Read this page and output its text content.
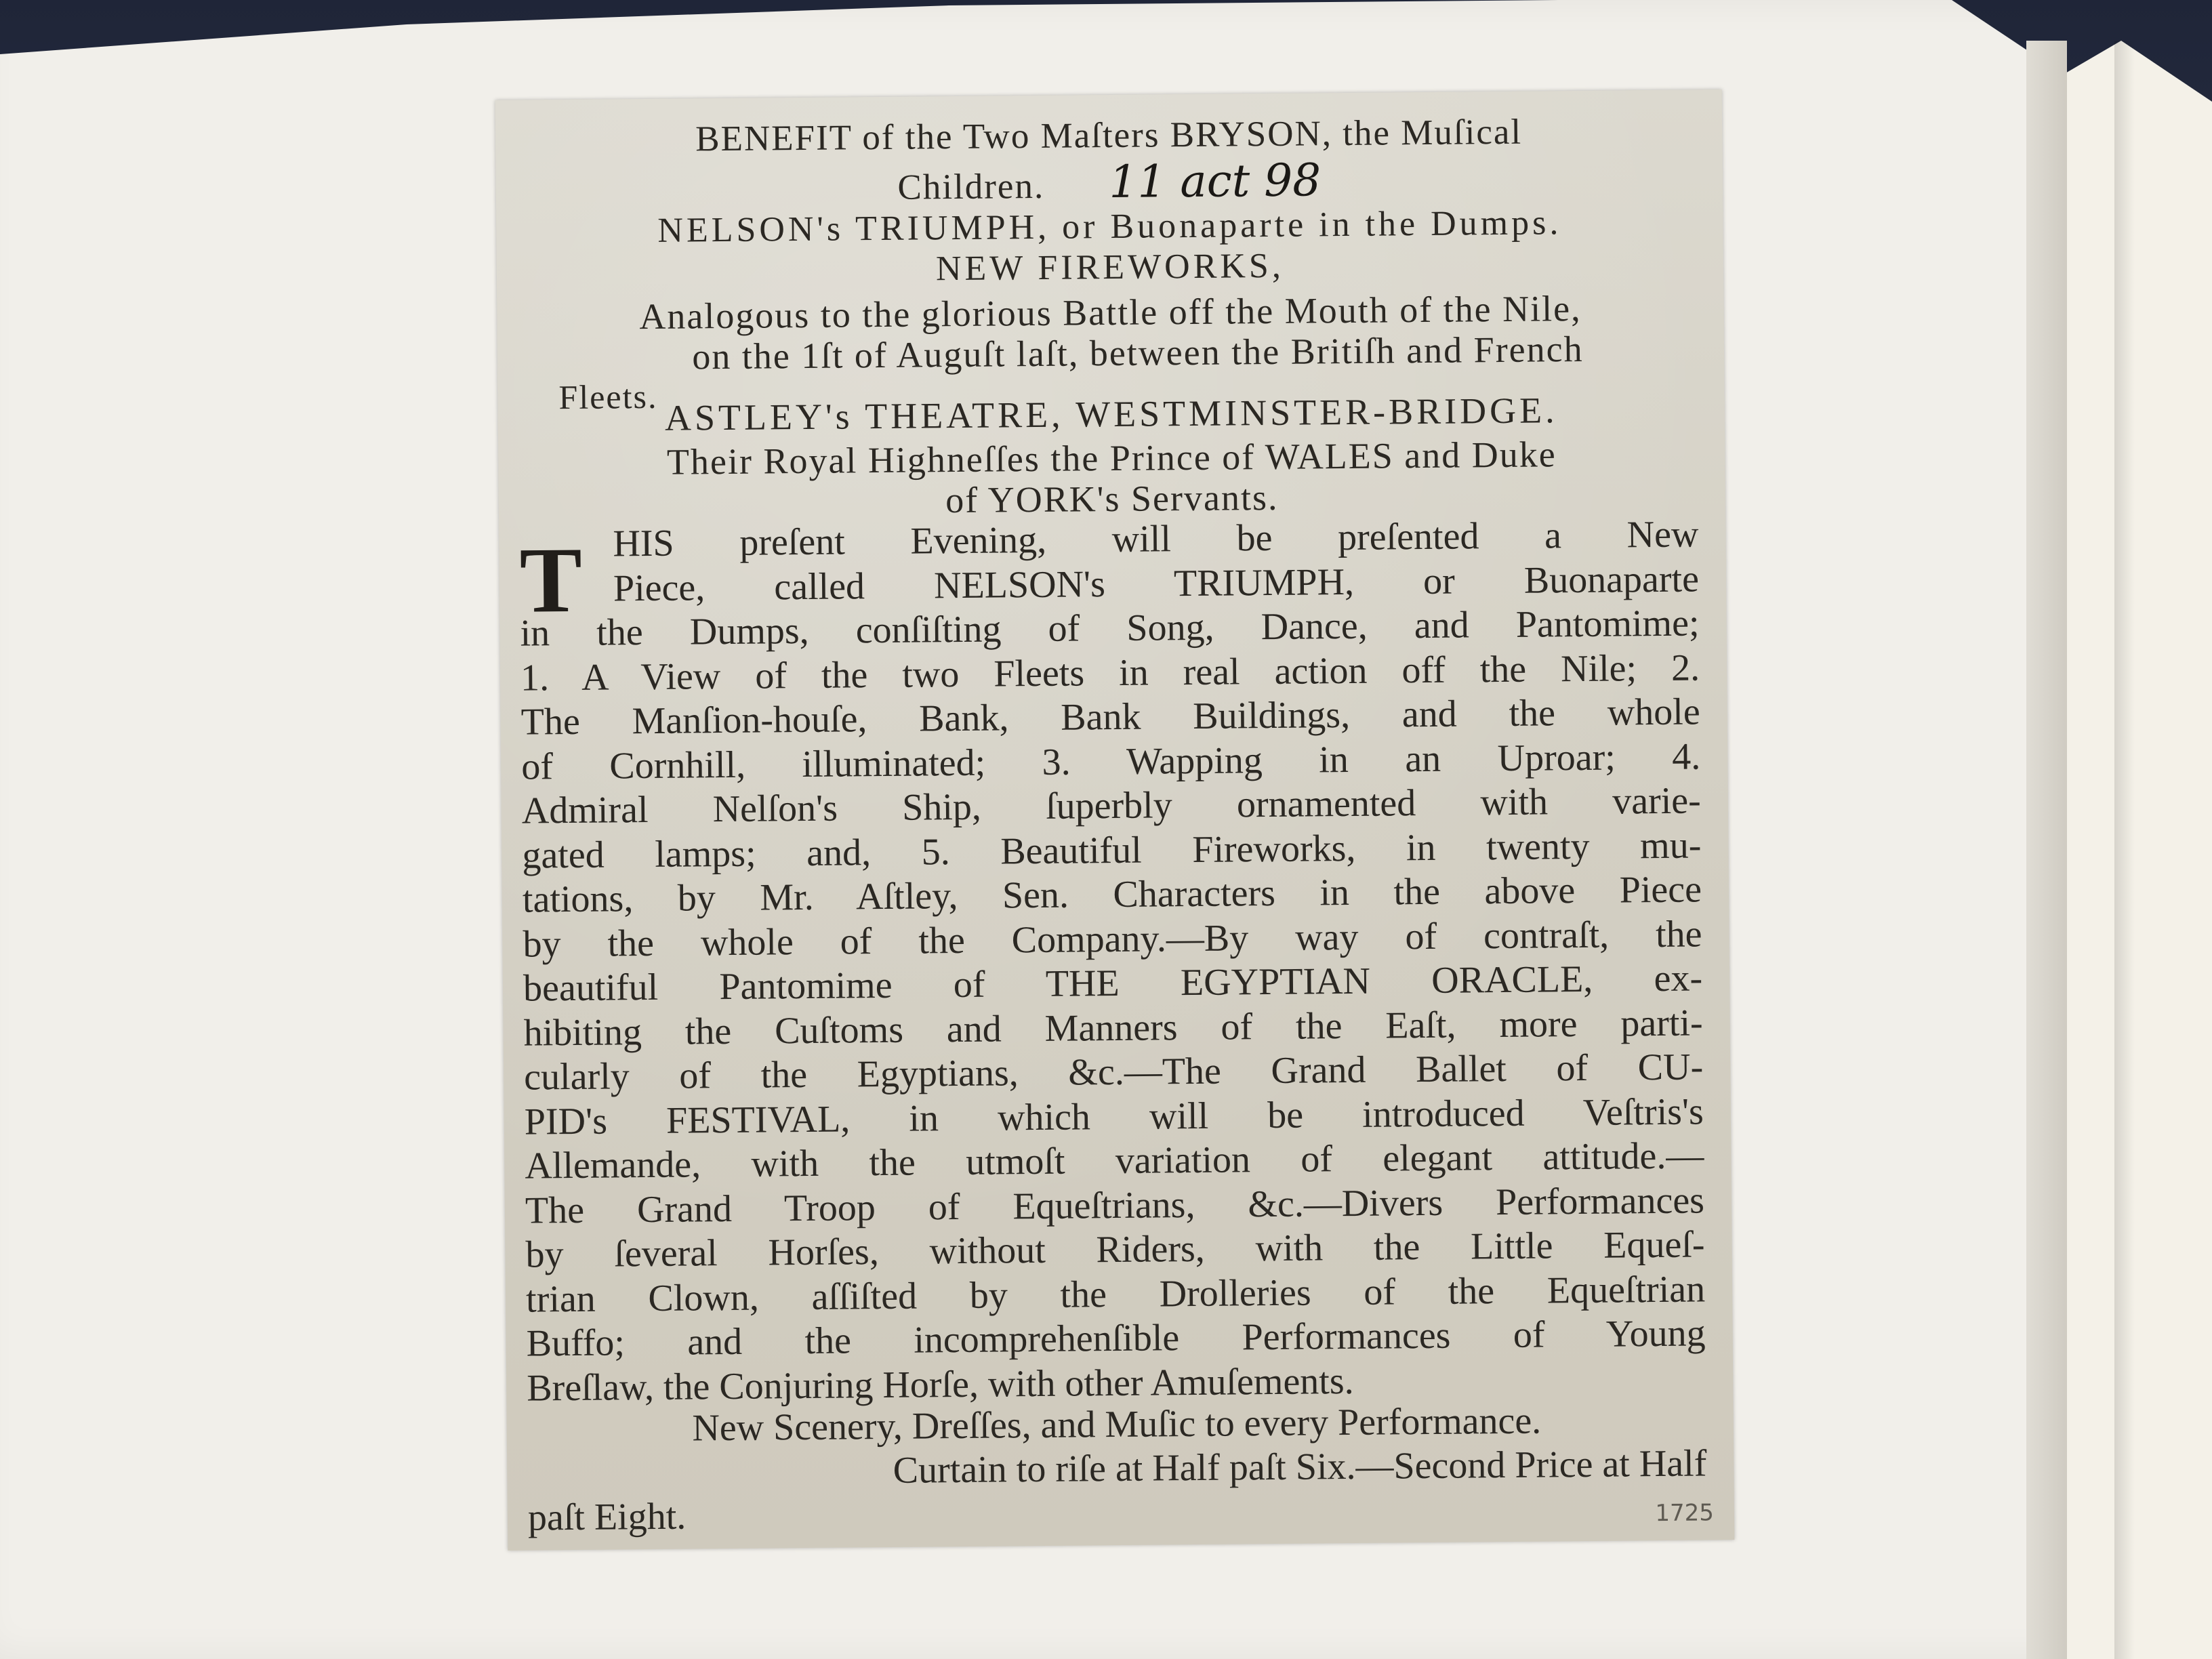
BENEFIT of the Two Maſters BRYSON, the Muſical
Children. 11 act 98
NELSON's TRIUMPH, or Buonaparte in the Dumps.
NEW FIREWORKS,
Analogous to the glorious Battle off the Mouth of the Nile,
on the 1ſt of Auguſt laſt, between the Britiſh and French
Fleets. ASTLEY's THEATRE, WESTMINSTER-BRIDGE.
Their Royal Highneſſes the Prince of WALES and Duke
of YORK's Servants.
T HIS preſent Evening, will be preſented a New
Piece, called NELSON's TRIUMPH, or Buonaparte
in the Dumps, conſiſting of Song, Dance, and Pantomime;
1. A View of the two Fleets in real action off the Nile; 2.
The Manſion-houſe, Bank, Bank Buildings, and the whole
of Cornhill, illuminated; 3. Wapping in an Uproar; 4.
Admiral Nelſon's Ship, ſuperbly ornamented with varie-
gated lamps; and, 5. Beautiful Fireworks, in twenty mu-
tations, by Mr. Aſtley, Sen. Characters in the above Piece
by the whole of the Company.—By way of contraſt, the
beautiful Pantomime of THE EGYPTIAN ORACLE, ex-
hibiting the Cuſtoms and Manners of the Eaſt, more parti-
cularly of the Egyptians, &c.—The Grand Ballet of CU-
PID's FESTIVAL, in which will be introduced Veſtris's
Allemande, with the utmoſt variation of elegant attitude.—
The Grand Troop of Equeſtrians, &c.—Divers Performances
by ſeveral Horſes, without Riders, with the Little Equeſ-
trian Clown, aſſiſted by the Drolleries of the Equeſtrian
Buffo; and the incomprehenſible Performances of Young
Breſlaw, the Conjuring Horſe, with other Amuſements.
New Scenery, Dreſſes, and Muſic to every Performance.
Curtain to riſe at Half paſt Six.—Second Price at Half
paſt Eight.	1725
